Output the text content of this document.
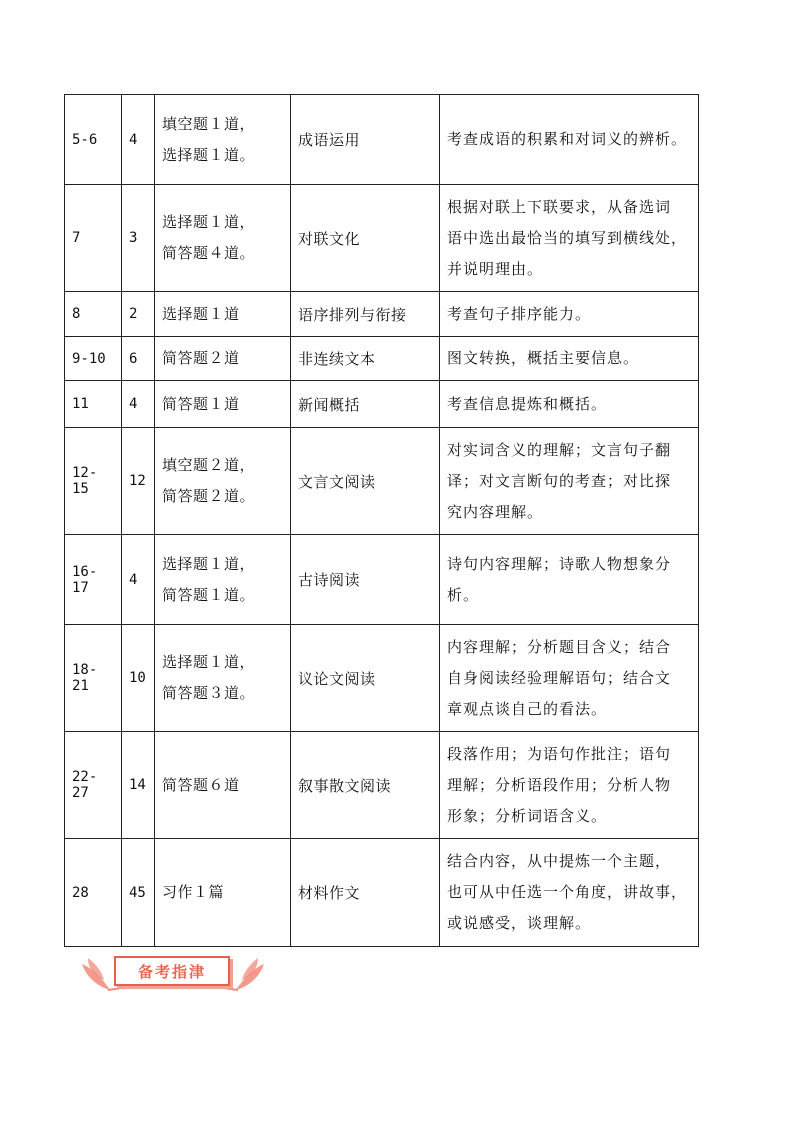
5-6	4	填空题１道，
选择题１道。	成语运用	考查成语的积累和对词义的辨析。

7	3	选择题１道，
简答题４道。	对联文化	根据对联上下联要求，从备选词
语中选出最恰当的填写到横线处，
并说明理由。

8	2	选择题１道	语序排列与衔接	考查句子排序能力。

9-10	6	简答题２道	非连续文本	图文转换，概括主要信息。

11	4	简答题１道	新闻概括	考查信息提炼和概括。

12-15	12	填空题２道，
简答题２道。	文言文阅读	对实词含义的理解；文言句子翻
译；对文言断句的考查；对比探
究内容理解。

16-17	4	选择题１道，
简答题１道。	古诗阅读	诗句内容理解；诗歌人物想象分
析。

18-21	10	选择题１道，
简答题３道。	议论文阅读	内容理解；分析题目含义；结合
自身阅读经验理解语句；结合文
章观点谈自己的看法。

22-27	14	简答题６道	叙事散文阅读	段落作用；为语句作批注；语句
理解；分析语段作用；分析人物
形象；分析词语含义。

28	45	习作１篇	材料作文	结合内容，从中提炼一个主题，
也可从中任选一个角度，讲故事，
或说感受，谈理解。
备考指津
